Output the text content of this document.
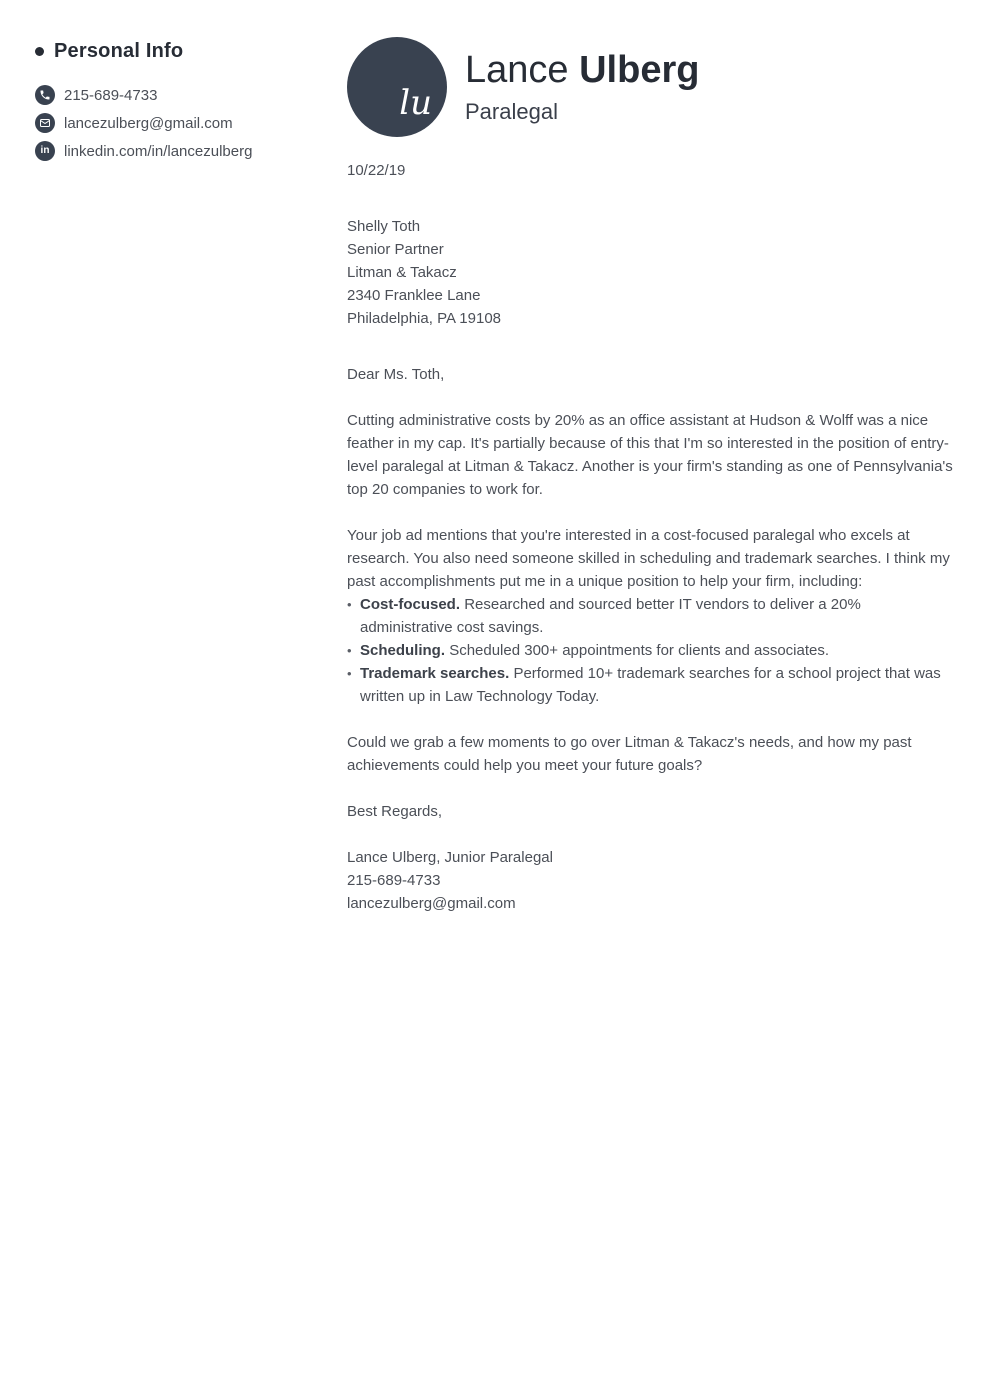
Personal Info
215-689-4733
lancezulberg@gmail.com
in linkedin.com/in/lancezulberg
lu
Lance Ulberg
Paralegal
10/22/19
Shelly Toth
Senior Partner
Litman & Takacz
2340 Franklee Lane
Philadelphia, PA 19108
Dear Ms. Toth,

Cutting administrative costs by 20% as an office assistant at Hudson & Wolff was a nice feather in my cap. It's partially because of this that I'm so interested in the position of entry-level paralegal at Litman & Takacz. Another is your firm's standing as one of Pennsylvania's top 20 companies to work for.

Your job ad mentions that you're interested in a cost-focused paralegal who excels at research. You also need someone skilled in scheduling and trademark searches. I think my past accomplishments put me in a unique position to help your firm, including:

• Cost-focused. Researched and sourced better IT vendors to deliver a 20% administrative cost savings.
• Scheduling. Scheduled 300+ appointments for clients and associates.
• Trademark searches. Performed 10+ trademark searches for a school project that was written up in Law Technology Today.

Could we grab a few moments to go over Litman & Takacz's needs, and how my past achievements could help you meet your future goals?

Best Regards,

Lance Ulberg, Junior Paralegal
215-689-4733
lancezulberg@gmail.com
